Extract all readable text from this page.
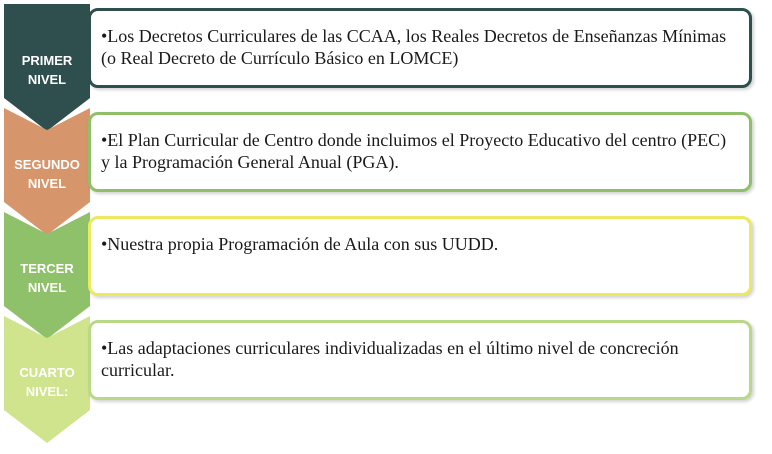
PRIMER
NIVEL

•Los Decretos Curriculares de las CCAA, los Reales Decretos de Enseñanzas Mínimas (o Real Decreto de Currículo Básico en LOMCE)

SEGUNDO
NIVEL

•El Plan Curricular de Centro donde incluimos el Proyecto Educativo del centro (PEC) y la Programación General Anual (PGA).

TERCER
NIVEL

•Nuestra propia Programación de Aula con sus UUDD.

CUARTO
NIVEL:

•Las adaptaciones curriculares individualizadas en el último nivel de concreción curricular.
